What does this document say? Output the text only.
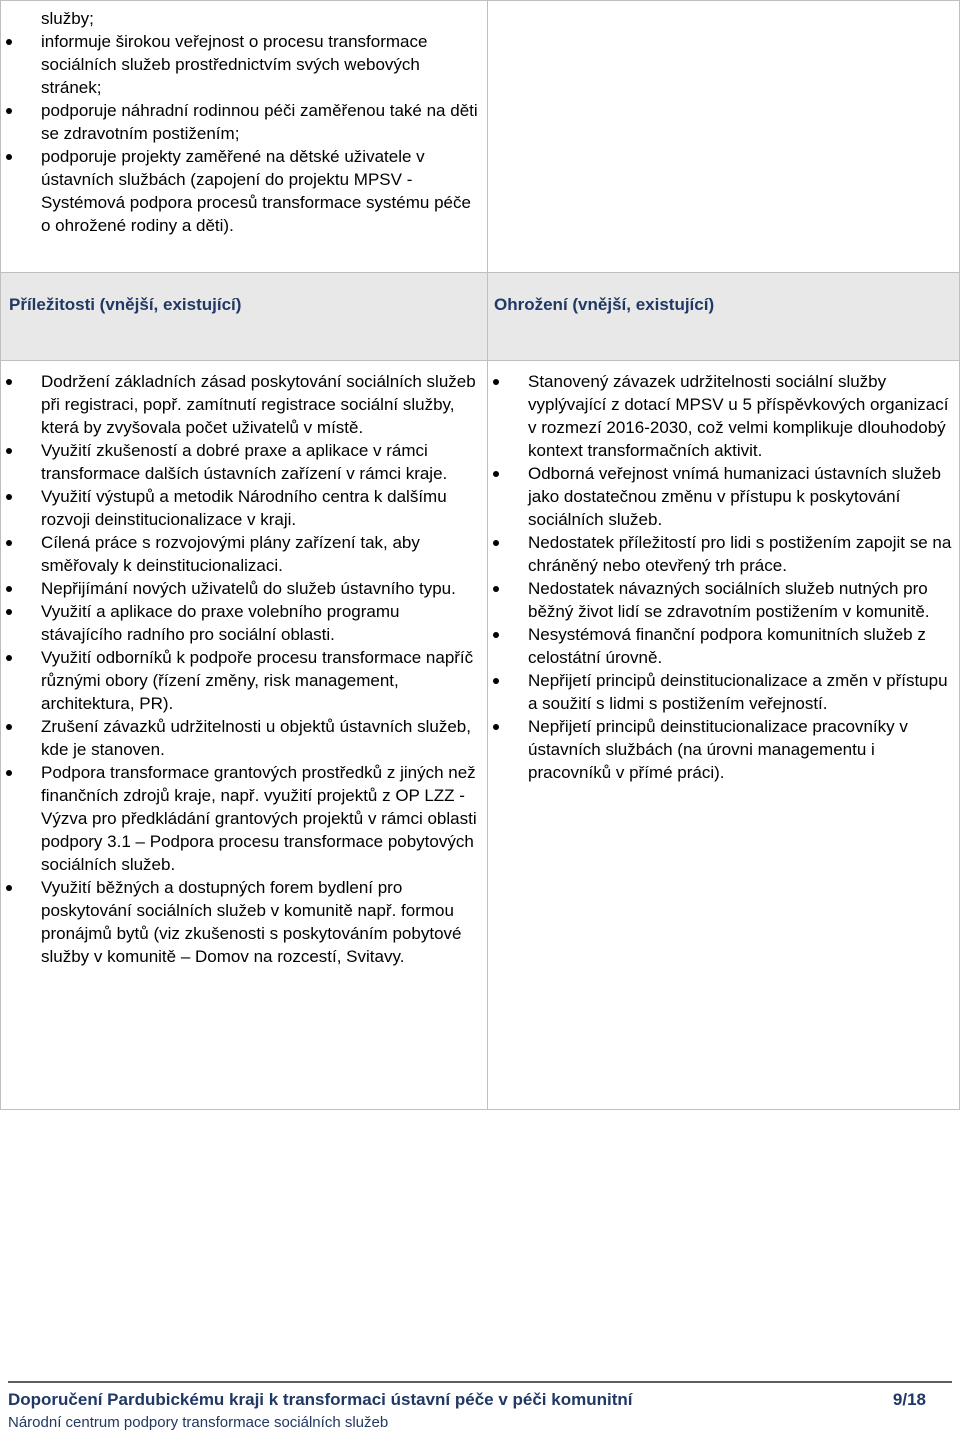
služby;
informuje širokou veřejnost o procesu transformace sociálních služeb prostřednictvím svých webových stránek;
podporuje náhradní rodinnou péči zaměřenou také na děti se zdravotním postižením;
podporuje projekty zaměřené na dětské uživatele v ústavních službách (zapojení do projektu MPSV - Systémová podpora procesů transformace systému péče o ohrožené rodiny a děti).
Příležitosti (vnější, existující)	Ohrožení (vnější, existující)
Dodržení základních zásad poskytování sociálních služeb při registraci, popř. zamítnutí registrace sociální služby, která by zvyšovala počet uživatelů v místě.
Využití zkušeností a dobré praxe a aplikace v rámci transformace dalších ústavních zařízení v rámci kraje.
Využití výstupů a metodik Národního centra k dalšímu rozvoji deinstitucionalizace v kraji.
Cílená práce s rozvojovými plány zařízení tak, aby směřovaly k deinstitucionalizaci.
Nepřijímání nových uživatelů do služeb ústavního typu.
Využití a aplikace do praxe volebního programu stávajícího radního pro sociální oblasti.
Využití odborníků k podpoře procesu transformace napříč různými obory (řízení změny, risk management, architektura, PR).
Zrušení závazků udržitelnosti u objektů ústavních služeb, kde je stanoven.
Podpora transformace grantových prostředků z jiných než finančních zdrojů kraje, např. využití projektů z OP LZZ - Výzva pro předkládání grantových projektů v rámci oblasti podpory 3.1 – Podpora procesu transformace pobytových sociálních služeb.
Využití běžných a dostupných forem bydlení pro poskytování sociálních služeb v komunitě např. formou pronájmů bytů (viz zkušenosti s poskytováním pobytové služby v komunitě – Domov na rozcestí, Svitavy.
Stanovený závazek udržitelnosti sociální služby vyplývající z dotací MPSV u 5 příspěvkových organizací v rozmezí 2016-2030, což velmi komplikuje dlouhodobý kontext transformačních aktivit.
Odborná veřejnost vnímá humanizaci ústavních služeb jako dostatečnou změnu v přístupu k poskytování sociálních služeb.
Nedostatek příležitostí pro lidi s postižením zapojit se na chráněný nebo otevřený trh práce.
Nedostatek návazných sociálních služeb nutných pro běžný život lidí se zdravotním postižením v komunitě.
Nesystémová finanční podpora komunitních služeb z celostátní úrovně.
Nepřijetí principů deinstitucionalizace a změn v přístupu a soužití s lidmi s postižením veřejností.
Nepřijetí principů deinstitucionalizace pracovníky v ústavních službách (na úrovni managementu i pracovníků v přímé práci).
Doporučení Pardubickému kraji k transformaci ústavní péče v péči komunitní	9/18
Národní centrum podpory transformace sociálních služeb
